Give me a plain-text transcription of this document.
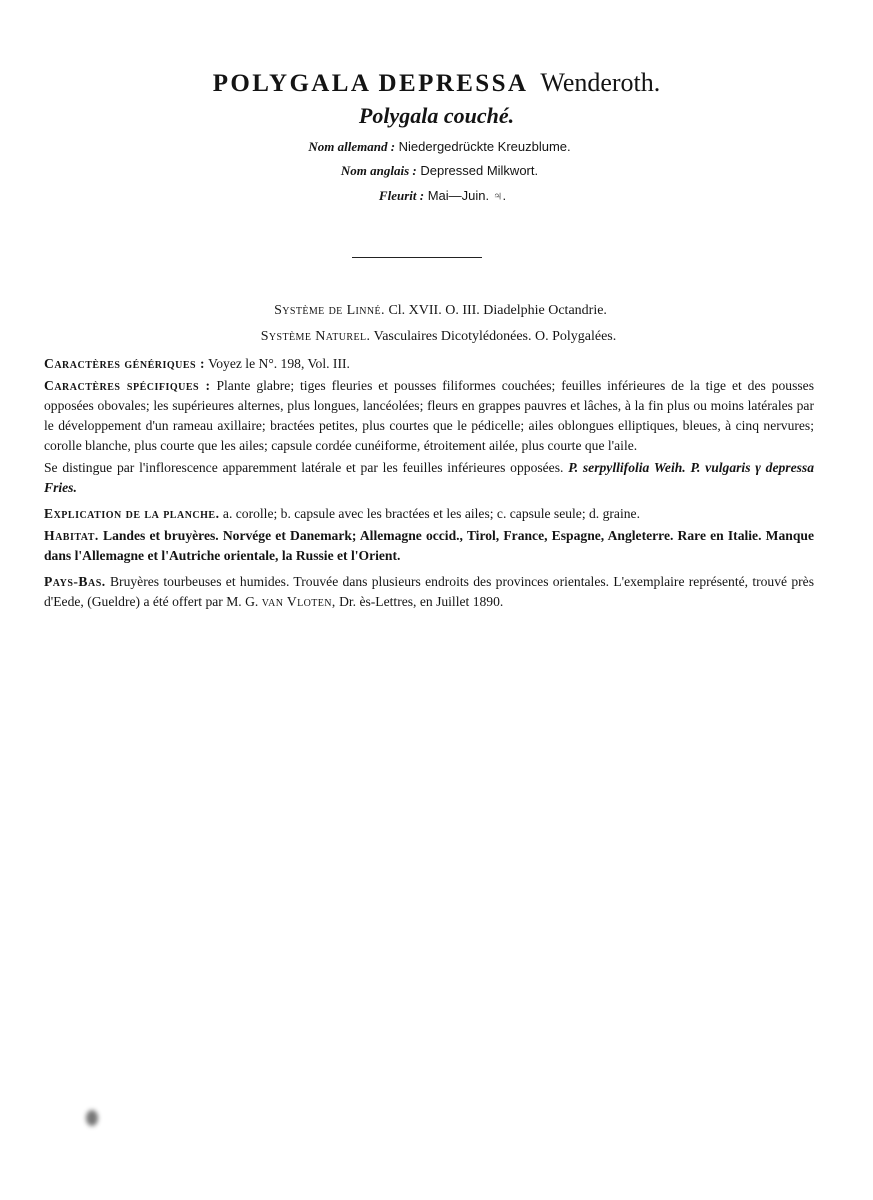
POLYGALA DEPRESSA Wenderoth.
Polygala couché.
Nom allemand : Niedergedrückte Kreuzblume.
Nom anglais : Depressed Milkwort.
Fleurit : Mai—Juin. ♃.
Système de Linné. Cl. XVII. O. III. Diadelphie Octandrie.
Système Naturel. Vasculaires Dicotylédonées. O. Polygalées.

Caractères génériques : Voyez le N°. 198, Vol. III.

Caractères spécifiques : Plante glabre; tiges fleuries et pousses filiformes couchées; feuilles inférieures de la tige et des pousses opposées obovales; les supérieures alternes, plus longues, lancéolées; fleurs en grappes pauvres et lâches, à la fin plus ou moins latérales par le développement d'un rameau axillaire; bractées petites, plus courtes que le pédicelle; ailes oblongues elliptiques, bleues, à cinq nervures; corolle blanche, plus courte que les ailes; capsule cordée cunéiforme, étroitement ailée, plus courte que l'aile.

Se distingue par l'inflorescence apparemment latérale et par les feuilles inférieures opposées. P. serpyllifolia Weih. P. vulgaris γ depressa Fries.

Explication de la planche. a. corolle; b. capsule avec les bractées et les ailes; c. capsule seule; d. graine.

Habitat. Landes et bruyères. Norvége et Danemark; Allemagne occid., Tirol, France, Espagne, Angleterre. Rare en Italie. Manque dans l'Allemagne et l'Autriche orientale, la Russie et l'Orient.

Pays-Bas. Bruyères tourbeuses et humides. Trouvée dans plusieurs endroits des provinces orientales. L'exemplaire représenté, trouvé près d'Eede, (Gueldre) a été offert par M. G. van Vloten, Dr. ès-Lettres, en Juillet 1890.
